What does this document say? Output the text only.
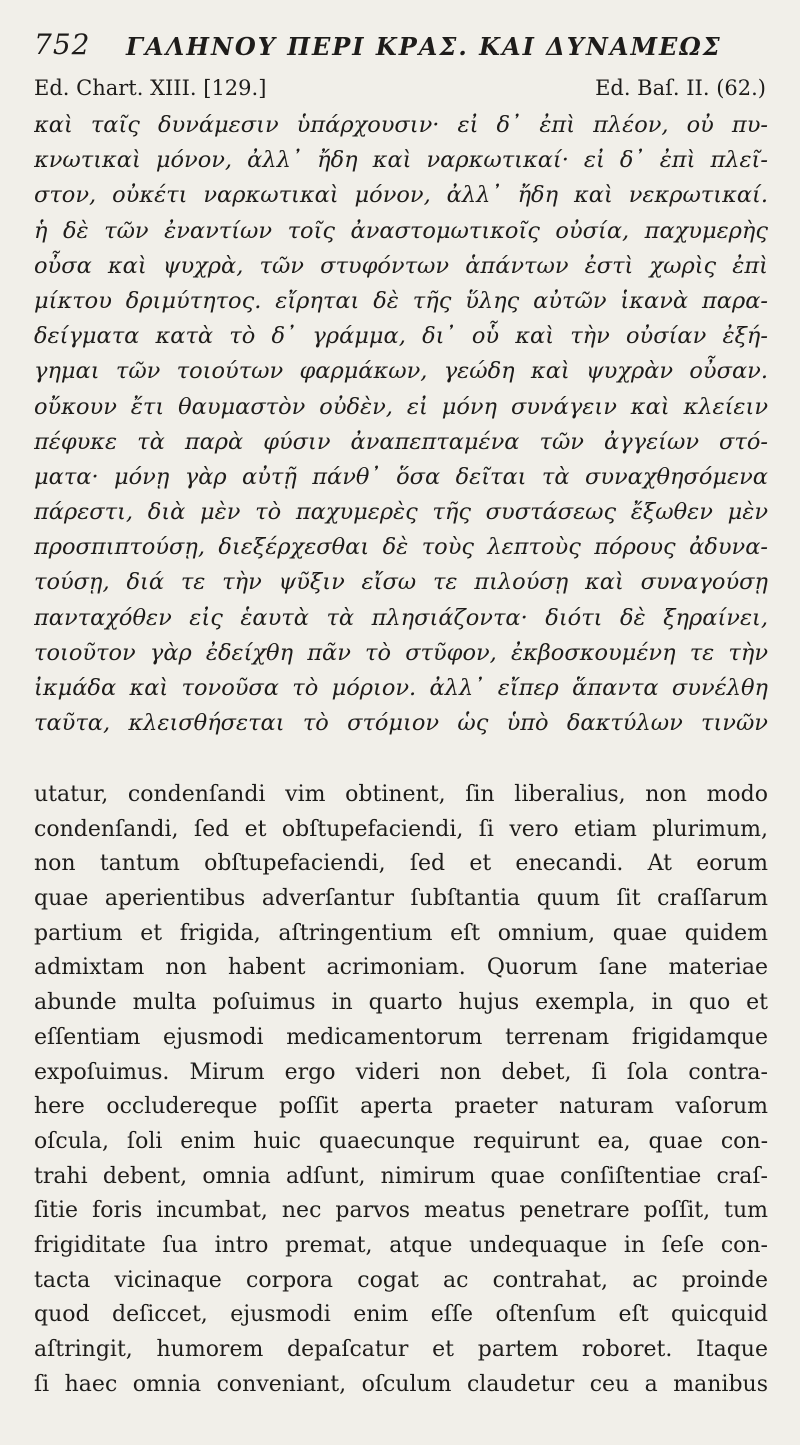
752 ΓΑΛΗΝΟΥ ΠΕΡΙ ΚΡΑΣ. ΚΑΙ ΔΥΝΑΜΕΩΣ
Ed. Chart. XIII. [129.]	Ed. Baſ. II. (62.)
καὶ ταῖς δυνάμεσιν ὑπάρχουσιν· εἰ δ᾽ ἐπὶ πλέον, οὐ πυ-
κνωτικαὶ μόνον, ἀλλ᾽ ἤδη καὶ ναρκωτικαί· εἰ δ᾽ ἐπὶ πλεῖ-
στον, οὐκέτι ναρκωτικαὶ μόνον, ἀλλ᾽ ἤδη καὶ νεκρωτικαί.
ἡ δὲ τῶν ἐναντίων τοῖς ἀναστομωτικοῖς οὐσία, παχυμερὴς
οὖσα καὶ ψυχρὰ, τῶν στυφόντων ἁπάντων ἐστὶ χωρὶς ἐπὶ
μίκτου δριμύτητος. εἴρηται δὲ τῆς ὕλης αὐτῶν ἱκανὰ παρα-
δείγματα κατὰ τὸ δ᾽ γράμμα, δι᾽ οὗ καὶ τὴν οὐσίαν ἐξή-
γημαι τῶν τοιούτων φαρμάκων, γεώδη καὶ ψυχρὰν οὖσαν.
οὔκουν ἔτι θαυμαστὸν οὐδὲν, εἰ μόνη συνάγειν καὶ κλείειν
πέφυκε τὰ παρὰ φύσιν ἀναπεπταμένα τῶν ἀγγείων στό-
ματα· μόνῃ γὰρ αὐτῇ πάνθ᾽ ὅσα δεῖται τὰ συναχθησόμενα
πάρεστι, διὰ μὲν τὸ παχυμερὲς τῆς συστάσεως ἔξωθεν μὲν
προσπιπτούσῃ, διεξέρχεσθαι δὲ τοὺς λεπτοὺς πόρους ἀδυνα-
τούσῃ, διά τε τὴν ψῦξιν εἴσω τε πιλούσῃ καὶ συναγούσῃ
πανταχόθεν εἰς ἑαυτὰ τὰ πλησιάζοντα· διότι δὲ ξηραίνει,
τοιοῦτον γὰρ ἐδείχθη πᾶν τὸ στῦφον, ἐκβοσκουμένη τε τὴν
ἰκμάδα καὶ τονοῦσα τὸ μόριον. ἀλλ᾽ εἴπερ ἅπαντα συνέλθη
ταῦτα, κλεισθήσεται τὸ στόμιον ὡς ὑπὸ δακτύλων τινῶν
utatur, condenſandi vim obtinent, ſin liberalius, non modo
condenſandi, ſed et obſtupefaciendi, ſi vero etiam plurimum,
non tantum obſtupefaciendi, ſed et enecandi. At eorum
quae aperientibus adverſantur ſubſtantia quum ſit craſſarum
partium et frigida, aſtringentium eſt omnium, quae quidem
admixtam non habent acrimoniam. Quorum ſane materiae
abunde multa poſuimus in quarto hujus exempla, in quo et
eſſentiam ejusmodi medicamentorum terrenam frigidamque
expoſuimus. Mirum ergo videri non debet, ſi ſola contra-
here occludereque poſſit aperta praeter naturam vaſorum
oſcula, ſoli enim huic quaecunque requirunt ea, quae con-
trahi debent, omnia adſunt, nimirum quae conſiſtentiae craſ-
ſitie foris incumbat, nec parvos meatus penetrare poſſit, tum
frigiditate ſua intro premat, atque undequaque in ſeſe con-
tacta vicinaque corpora cogat ac contrahat, ac proinde
quod deſiccet, ejusmodi enim eſſe oſtenſum eſt quicquid
aſtringit, humorem depaſcatur et partem roboret. Itaque
ſi haec omnia conveniant, oſculum claudetur ceu a manibus
